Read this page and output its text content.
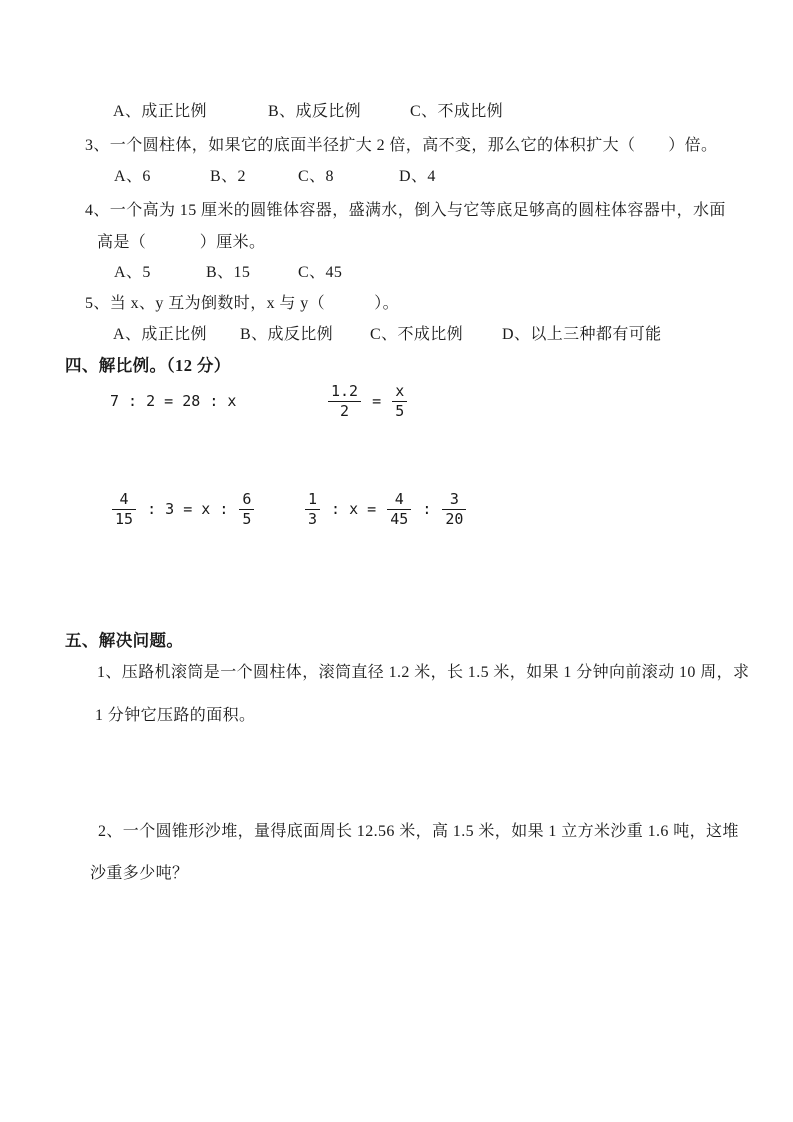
A、成正比例	B、成反比例	C、不成比例
3、一个圆柱体，如果它的底面半径扩大 2 倍，高不变，那么它的体积扩大（　　）倍。
A、6	B、2	C、8	D、4
4、一个高为 15 厘米的圆锥体容器，盛满水，倒入与它等底足够高的圆柱体容器中，水面
高是（　　　 ）厘米。
A、5	B、15	C、45
5、当 x、y 互为倒数时，x 与 y（　　　）。
A、成正比例 B、成反比例 C、不成比例 D、以上三种都有可能
四、解比例。（12 分）
7 : 2 = 28 : x	$\frac{1.2}{2} = \frac{x}{5}$
$\frac{4}{15}$ : 3 = x : $\frac{6}{5}$	$\frac{1}{3}$ : $x = \frac{4}{45}$ : $\frac{3}{20}$
五、解决问题。
1、压路机滚筒是一个圆柱体，滚筒直径 1.2 米，长 1.5 米，如果 1 分钟向前滚动 10 周，求
1 分钟它压路的面积。
2、一个圆锥形沙堆，量得底面周长 12.56 米，高 1.5 米，如果 1 立方米沙重 1.6 吨，这堆
沙重多少吨？
